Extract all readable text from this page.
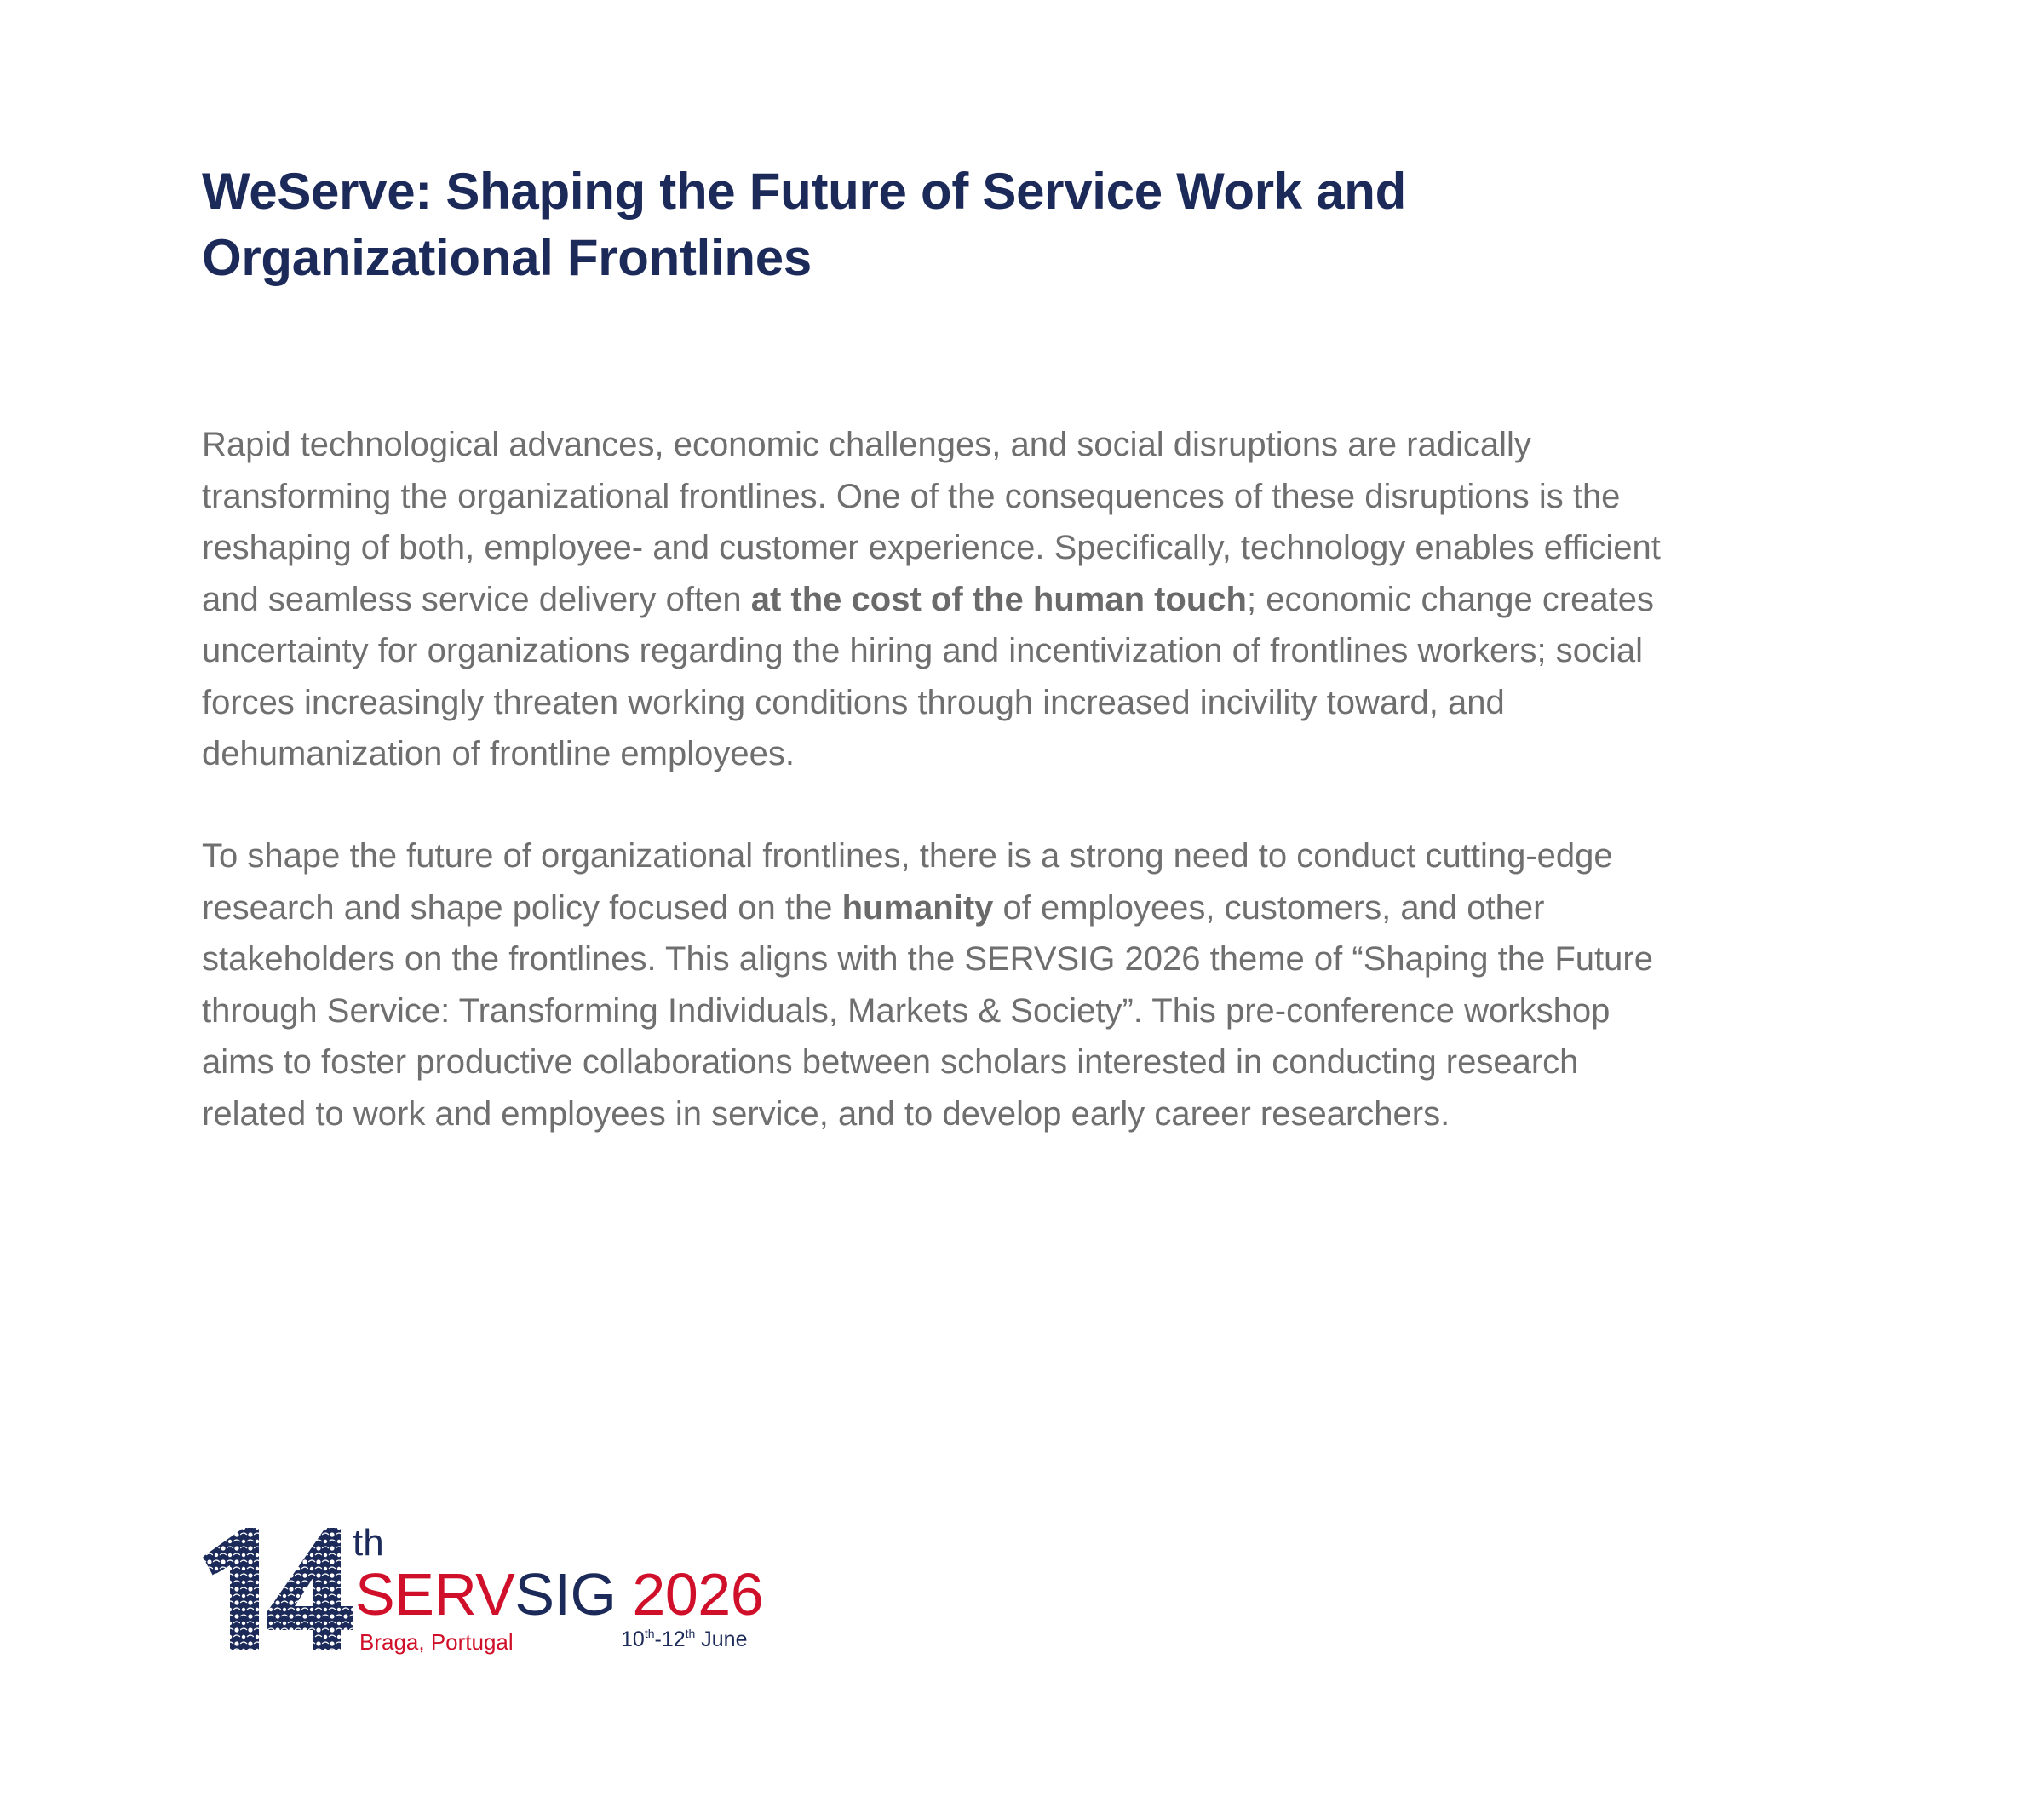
WeServe: Shaping the Future of Service Work and
Organizational Frontlines

Rapid technological advances, economic challenges, and social disruptions are radically
transforming the organizational frontlines. One of the consequences of these disruptions is the
reshaping of both, employee- and customer experience. Specifically, technology enables efficient
and seamless service delivery often at the cost of the human touch; economic change creates
uncertainty for organizations regarding the hiring and incentivization of frontlines workers; social
forces increasingly threaten working conditions through increased incivility toward, and
dehumanization of frontline employees.

To shape the future of organizational frontlines, there is a strong need to conduct cutting-edge
research and shape policy focused on the humanity of employees, customers, and other
stakeholders on the frontlines. This aligns with the SERVSIG 2026 theme of “Shaping the Future
through Service: Transforming Individuals, Markets & Society”. This pre-conference workshop
aims to foster productive collaborations between scholars interested in conducting research
related to work and employees in service, and to develop early career researchers.

th
SERVSIG 2026
Braga, Portugal	10th-12th June
